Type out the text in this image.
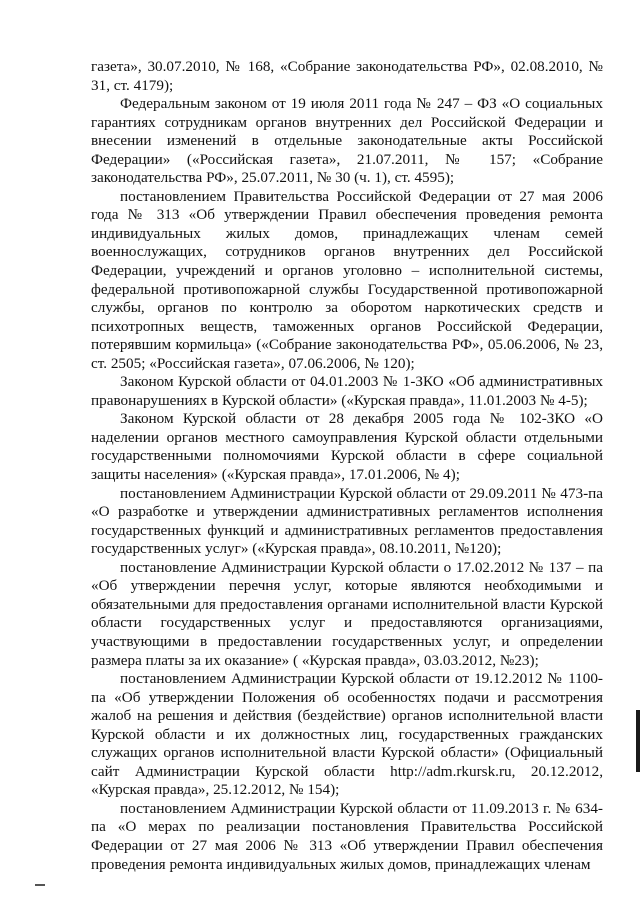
газета», 30.07.2010, № 168, «Собрание законодательства РФ», 02.08.2010, № 31, ст. 4179);

Федеральным законом от 19 июля 2011 года № 247 – ФЗ «О социальных гарантиях сотрудникам органов внутренних дел Российской Федерации и внесении изменений в отдельные законодательные акты Российской Федерации» («Российская газета», 21.07.2011, № 157; «Собрание законодательства РФ», 25.07.2011, № 30 (ч. 1), ст. 4595);

постановлением Правительства Российской Федерации от 27 мая 2006 года № 313 «Об утверждении Правил обеспечения проведения ремонта индивидуальных жилых домов, принадлежащих членам семей военнослужащих, сотрудников органов внутренних дел Российской Федерации, учреждений и органов уголовно – исполнительной системы, федеральной противопожарной службы Государственной противопожарной службы, органов по контролю за оборотом наркотических средств и психотропных веществ, таможенных органов Российской Федерации, потерявшим кормильца» («Собрание законодательства РФ», 05.06.2006, № 23, ст. 2505; «Российская газета», 07.06.2006, № 120);

Законом Курской области от 04.01.2003 № 1-ЗКО «Об административных правонарушениях в Курской области» («Курская правда», 11.01.2003 № 4-5);

Законом Курской области от 28 декабря 2005 года № 102-ЗКО «О наделении органов местного самоуправления Курской области отдельными государственными полномочиями Курской области в сфере социальной защиты населения» («Курская правда», 17.01.2006, № 4);

постановлением Администрации Курской области от 29.09.2011 № 473-па «О разработке и утверждении административных регламентов исполнения государственных функций и административных регламентов предоставления государственных услуг» («Курская правда», 08.10.2011, №120);

постановление Администрации Курской области о 17.02.2012 № 137 – па «Об утверждении перечня услуг, которые являются необходимыми и обязательными для предоставления органами исполнительной власти Курской области государственных услуг и предоставляются организациями, участвующими в предоставлении государственных услуг, и определении размера платы за их оказание» ( «Курская правда», 03.03.2012, №23);

постановлением Администрации Курской области от 19.12.2012 № 1100-па «Об утверждении Положения об особенностях подачи и рассмотрения жалоб на решения и действия (бездействие) органов исполнительной власти Курской области и их должностных лиц, государственных гражданских служащих органов исполнительной власти Курской области» (Официальный сайт Администрации Курской области http://adm.rkursk.ru, 20.12.2012, «Курская правда», 25.12.2012, № 154);

постановлением Администрации Курской области от 11.09.2013 г. № 634-па «О мерах по реализации постановления Правительства Российской Федерации от 27 мая 2006 № 313 «Об утверждении Правил обеспечения проведения ремонта индивидуальных жилых домов, принадлежащих членам
